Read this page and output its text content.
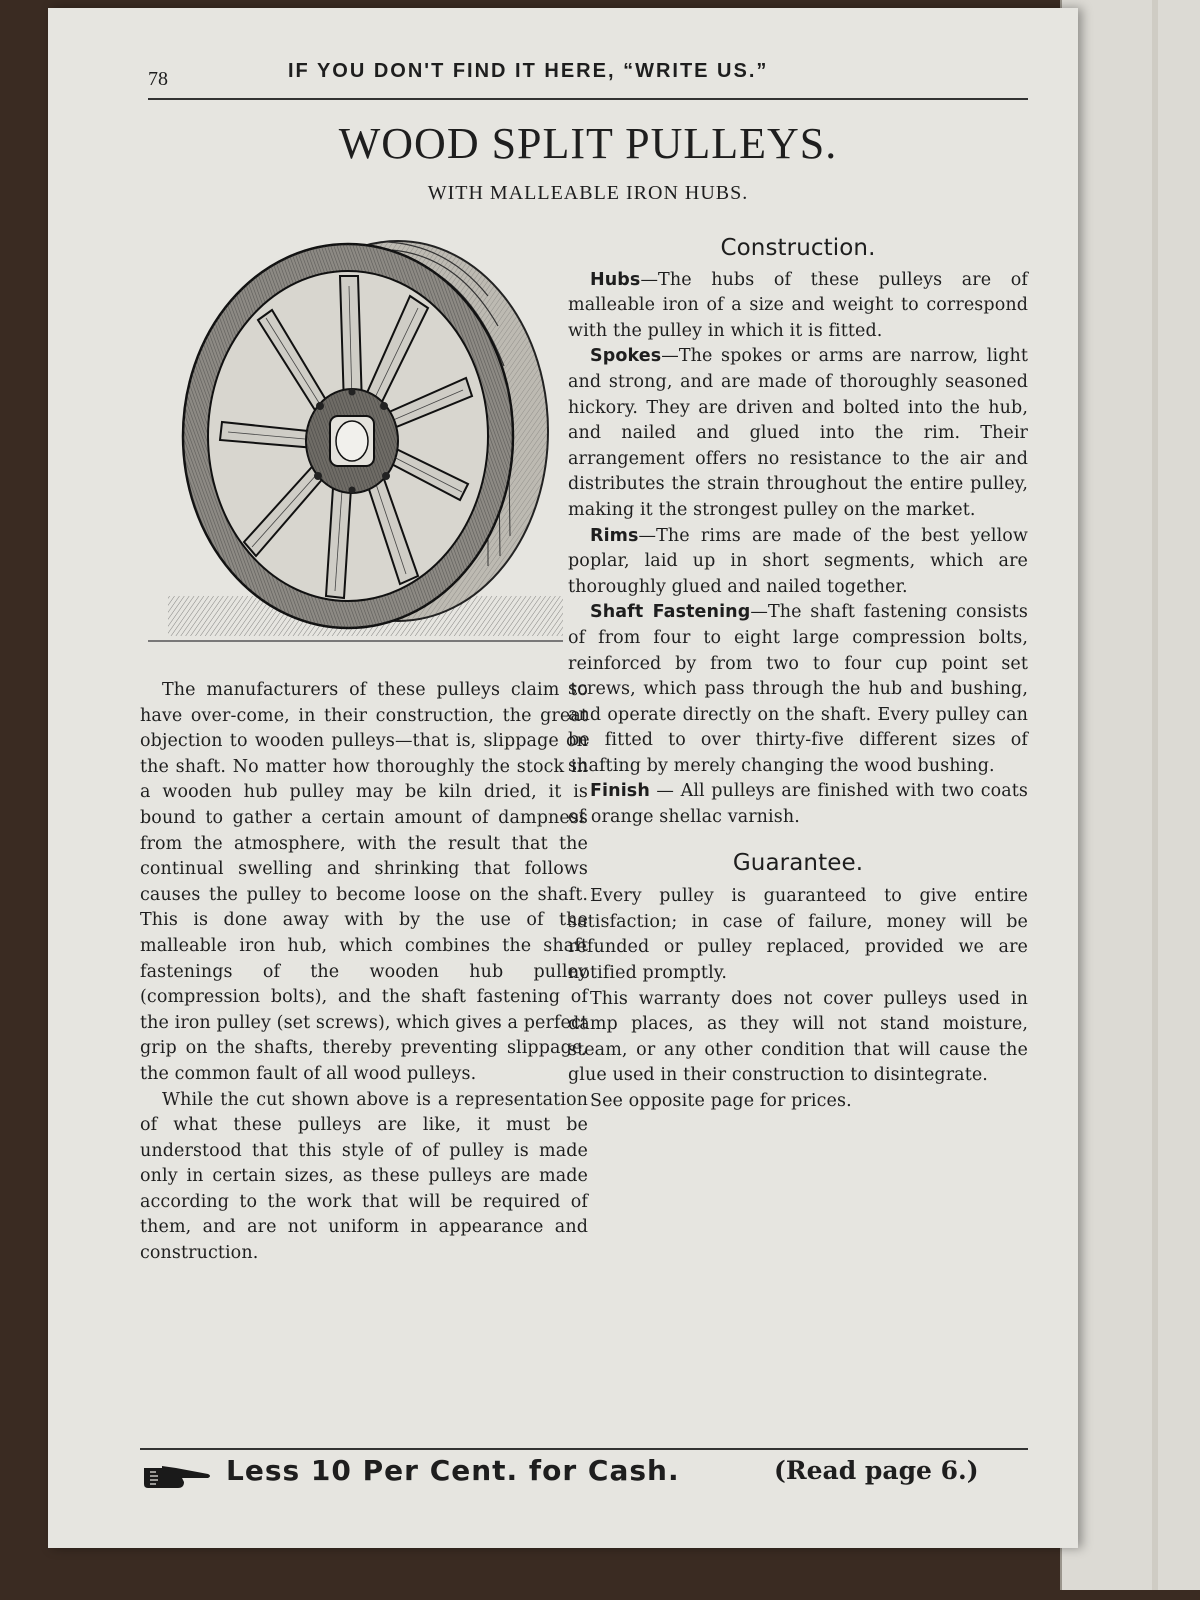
78	IF YOU DON'T FIND IT HERE, “WRITE US.”
WOOD SPLIT PULLEYS.
WITH MALLEABLE IRON HUBS.

The manufacturers of these pulleys claim to have over-come, in their construction, the great objection to wooden pulleys—that is, slippage on the shaft. No matter how thoroughly the stock in a wooden hub pulley may be kiln dried, it is bound to gather a certain amount of dampness from the atmosphere, with the result that the continual swelling and shrinking that follows causes the pulley to become loose on the shaft. This is done away with by the use of the malleable iron hub, which combines the shaft fastenings of the wooden hub pulley (compression bolts), and the shaft fastening of the iron pulley (set screws), which gives a perfect grip on the shafts, thereby preventing slippage, the common fault of all wood pulleys.

While the cut shown above is a representation of what these pulleys are like, it must be understood that this style of of pulley is made only in certain sizes, as these pulleys are made according to the work that will be required of them, and are not uniform in appearance and construction.

Construction.

Hubs—The hubs of these pulleys are of malleable iron of a size and weight to correspond with the pulley in which it is fitted.

Spokes—The spokes or arms are narrow, light and strong, and are made of thoroughly seasoned hickory. They are driven and bolted into the hub, and nailed and glued into the rim. Their arrangement offers no resistance to the air and distributes the strain throughout the entire pulley, making it the strongest pulley on the market.

Rims—The rims are made of the best yellow poplar, laid up in short segments, which are thoroughly glued and nailed together.

Shaft Fastening—The shaft fastening consists of from four to eight large compression bolts, reinforced by from two to four cup point set screws, which pass through the hub and bushing, and operate directly on the shaft. Every pulley can be fitted to over thirty-five different sizes of shafting by merely changing the wood bushing.

Finish — All pulleys are finished with two coats of orange shellac varnish.

Guarantee.

Every pulley is guaranteed to give entire satisfaction; in case of failure, money will be refunded or pulley replaced, provided we are notified promptly.

This warranty does not cover pulleys used in damp places, as they will not stand moisture, steam, or any other condition that will cause the glue used in their construction to disintegrate.

See opposite page for prices.

Less 10 Per Cent. for Cash.	(Read page 6.)
